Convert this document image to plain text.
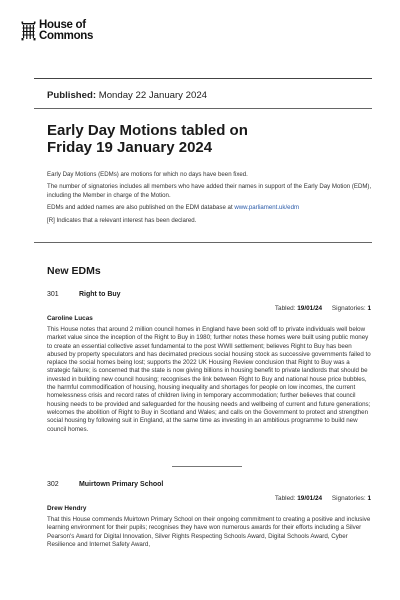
House of
Commons
Published: Monday 22 January 2024
Early Day Motions tabled on
Friday 19 January 2024

Early Day Motions (EDMs) are motions for which no days have been fixed.

The number of signatories includes all members who have added their names in support of the Early Day Motion (EDM), including the Member in charge of the Motion.

EDMs and added names are also published on the EDM database at www.parliament.uk/edm

[R] Indicates that a relevant interest has been declared.

New EDMs
301	Right to Buy
Tabled: 19/01/24 Signatories: 1
Caroline Lucas
This House notes that around 2 million council homes in England have been sold off to private individuals well below market value since the inception of the Right to Buy in 1980; further notes these homes were built using public money to create an essential collective asset fundamental to the post WWII settlement; believes Right to Buy has been abused by property speculators and has decimated precious social housing stock as successive governments failed to replace the social homes being lost; supports the 2022 UK Housing Review conclusion that Right to Buy was a strategic failure; is concerned that the state is now giving billions in housing benefit to private landlords that should be invested in building new council housing; recognises the link between Right to Buy and national house price bubbles, the harmful commodification of housing, housing inequality and shortages for people on low incomes, the current homelessness crisis and record rates of children living in temporary accommodation; further believes that council housing needs to be provided and safeguarded for the housing needs and wellbeing of current and future generations; welcomes the abolition of Right to Buy in Scotland and Wales; and calls on the Government to protect and strengthen social housing by following suit in England, at the same time as investing in an ambitious programme to build new council homes.
302	Muirtown Primary School
Tabled: 19/01/24 Signatories: 1
Drew Hendry
That this House commends Muirtown Primary School on their ongoing commitment to creating a positive and inclusive learning environment for their pupils; recognises they have won numerous awards for their efforts including a Silver Pearson's Award for Digital Innovation, Silver Rights Respecting Schools Award, Digital Schools Award, Cyber Resilience and Internet Safety Award,
